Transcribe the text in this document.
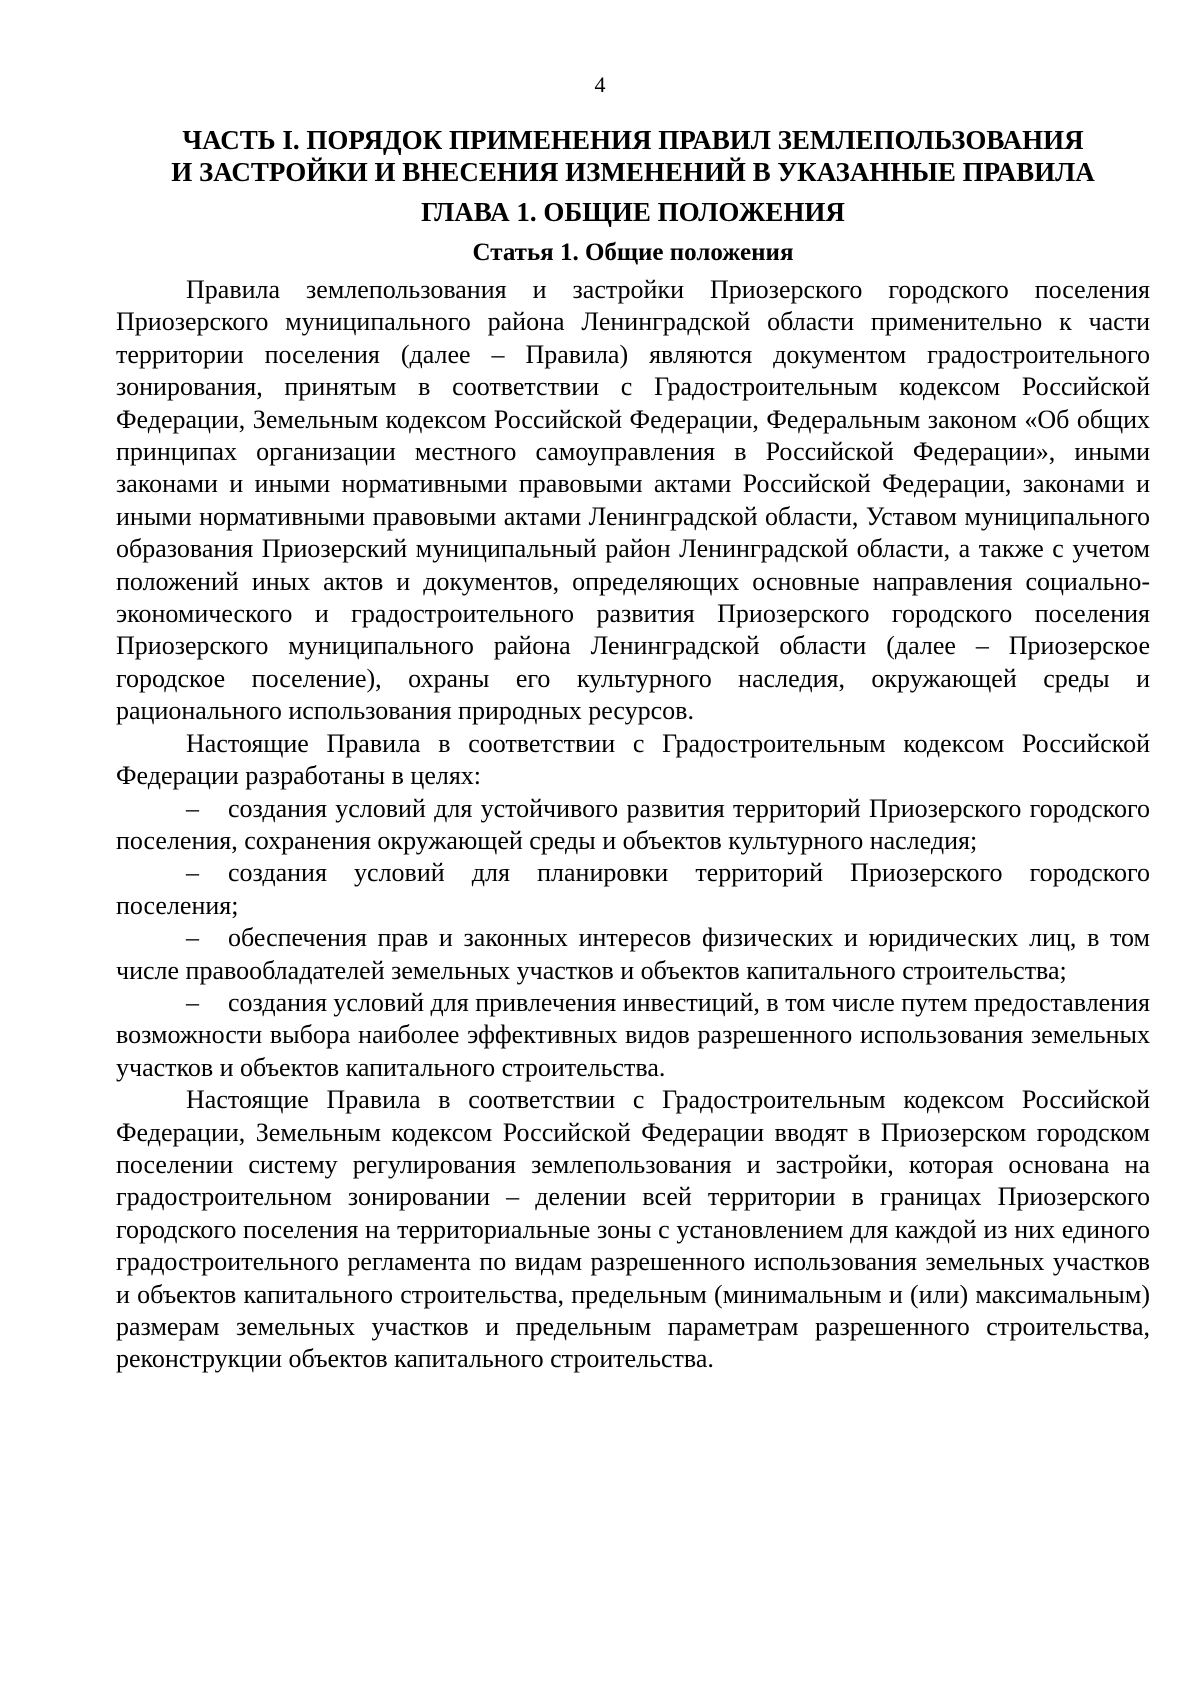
4
ЧАСТЬ I. ПОРЯДОК ПРИМЕНЕНИЯ ПРАВИЛ ЗЕМЛЕПОЛЬЗОВАНИЯ
И ЗАСТРОЙКИ И ВНЕСЕНИЯ ИЗМЕНЕНИЙ В УКАЗАННЫЕ ПРАВИЛА
ГЛАВА 1. ОБЩИЕ ПОЛОЖЕНИЯ
Статья 1. Общие положения

Правила землепользования и застройки Приозерского городского поселения Приозерского муниципального района Ленинградской области применительно к части территории поселения (далее – Правила) являются документом градостроительного зонирования, принятым в соответствии с Градостроительным кодексом Российской Федерации, Земельным кодексом Российской Федерации, Федеральным законом «Об общих принципах организации местного самоуправления в Российской Федерации», иными законами и иными нормативными правовыми актами Российской Федерации, законами и иными нормативными правовыми актами Ленинградской области, Уставом муниципального образования Приозерский муниципальный район Ленинградской области, а также с учетом положений иных актов и документов, определяющих основные направления социально-экономического и градостроительного развития Приозерского городского поселения Приозерского муниципального района Ленинградской области (далее – Приозерское городское поселение), охраны его культурного наследия, окружающей среды и рационального использования природных ресурсов.

Настоящие Правила в соответствии с Градостроительным кодексом Российской Федерации разработаны в целях:

– создания условий для устойчивого развития территорий Приозерского городского поселения, сохранения окружающей среды и объектов культурного наследия;

– создания условий для планировки территорий Приозерского городского поселения;

– обеспечения прав и законных интересов физических и юридических лиц, в том числе правообладателей земельных участков и объектов капитального строительства;

– создания условий для привлечения инвестиций, в том числе путем предоставления возможности выбора наиболее эффективных видов разрешенного использования земельных участков и объектов капитального строительства.

Настоящие Правила в соответствии с Градостроительным кодексом Российской Федерации, Земельным кодексом Российской Федерации вводят в Приозерском городском поселении систему регулирования землепользования и застройки, которая основана на градостроительном зонировании – делении всей территории в границах Приозерского городского поселения на территориальные зоны с установлением для каждой из них единого градостроительного регламента по видам разрешенного использования земельных участков и объектов капитального строительства, предельным (минимальным и (или) максимальным) размерам земельных участков и предельным параметрам разрешенного строительства, реконструкции объектов капитального строительства.
